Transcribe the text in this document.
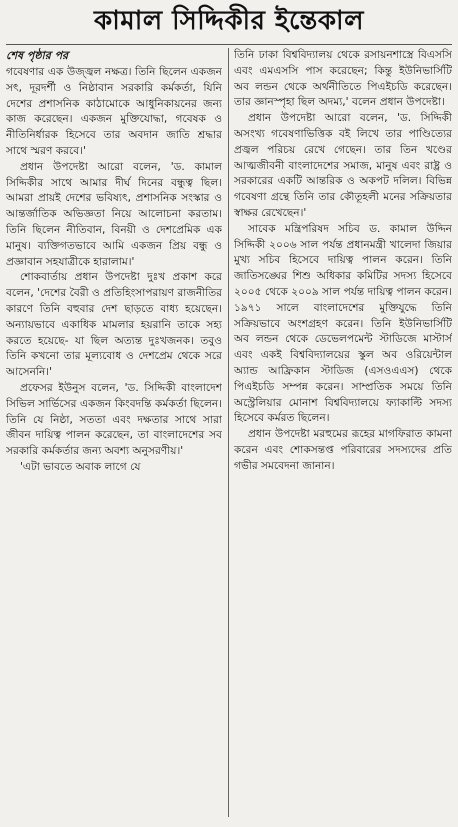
কামাল সিদ্দিকীর ইন্তেকাল
শেষ পৃষ্ঠার পর

গবেষণার এক উজ্জ্বল নক্ষত্র। তিনি ছিলেন একজন সৎ, দূরদর্শী ও নিষ্ঠাবান সরকারি কর্মকর্তা, যিনি দেশের প্রশাসনিক কাঠামোকে আধুনিকায়নের জন্য কাজ করেছেন। একজন মুক্তিযোদ্ধা, গবেষক ও নীতিনির্ধারক হিসেবে তার অবদান জাতি শ্রদ্ধার সাথে স্মরণ করবে।'

প্রধান উপদেষ্টা আরো বলেন, 'ড. কামাল সিদ্দিকীর সাথে আমার দীর্ঘ দিনের বন্ধুত্ব ছিল। আমরা প্রায়ই দেশের ভবিষ্যৎ, প্রশাসনিক সংস্কার ও আন্তর্জাতিক অভিজ্ঞতা নিয়ে আলোচনা করতাম। তিনি ছিলেন নীতিবান, বিনয়ী ও দেশপ্রেমিক এক মানুষ। ব্যক্তিগতভাবে আমি একজন প্রিয় বন্ধু ও প্রজ্ঞাবান সহযাত্রীকে হারালাম।'

শোকবার্তায় প্রধান উপদেষ্টা দুঃখ প্রকাশ করে বলেন, 'দেশের বৈরী ও প্রতিহিংসাপরায়ণ রাজনীতির কারণে তিনি বহুবার দেশ ছাড়তে বাধ্য হয়েছেন। অন্যায়ভাবে একাধিক মামলার হয়রানি তাকে সহ্য করতে হয়েছে- যা ছিল অত্যন্ত দুঃখজনক। তবুও তিনি কখনো তার মূল্যবোধ ও দেশপ্রেম থেকে সরে আসেননি।'

প্রফেসর ইউনুস বলেন, 'ড. সিদ্দিকী বাংলাদেশ সিভিল সার্ভিসের একজন কিংবদন্তি কর্মকর্তা ছিলেন। তিনি যে নিষ্ঠা, সততা এবং দক্ষতার সাথে সারা জীবন দায়িত্ব পালন করেছেন, তা বাংলাদেশের সব সরকারি কর্মকর্তার জন্য অবশ্য অনুসরণীয়।'

'এটা ভাবতে অবাক লাগে যে

তিনি ঢাকা বিশ্ববিদ্যালয় থেকে রসায়নশাস্ত্রে বিএসসি এবং এমএসসি পাস করেছেন; কিন্তু ইউনিভার্সিটি অব লন্ডন থেকে অর্থনীতিতে পিএইচডি করেছেন। তার জ্ঞানস্পৃহা ছিল অদম্য,' বলেন প্রধান উপদেষ্টা।

প্রধান উপদেষ্টা আরো বলেন, 'ড. সিদ্দিকী অসংখ্য গবেষণাভিত্তিক বই লিখে তার পাণ্ডিত্যের প্রজ্বল পরিচয় রেখে গেছেন। তার তিন খণ্ডের আত্মজীবনী বাংলাদেশের সমাজ, মানুষ এবং রাষ্ট্র ও সরকারের একটি আন্তরিক ও অকপট দলিল। বিভিন্ন গবেষণা গ্রন্থে তিনি তার কৌতূহলী মনের সক্রিয়তার স্বাক্ষর রেখেছেন।'

সাবেক মন্ত্রিপরিষদ সচিব ড. কামাল উদ্দিন সিদ্দিকী ২০০৬ সাল পর্যন্ত প্রধানমন্ত্রী খালেদা জিয়ার মুখ্য সচিব হিসেবে দায়িত্ব পালন করেন। তিনি জাতিসঙ্ঘের শিশু অধিকার কমিটির সদস্য হিসেবে ২০০৫ থেকে ২০০৯ সাল পর্যন্ত দায়িত্ব পালন করেন। ১৯৭১ সালে বাংলাদেশের মুক্তিযুদ্ধে তিনি সক্রিয়ভাবে অংশগ্রহণ করেন। তিনি ইউনিভার্সিটি অব লন্ডন থেকে ডেভেলপমেন্ট স্টাডিজে মাস্টার্স এবং একই বিশ্ববিদ্যালয়ের স্কুল অব ওরিয়েন্টাল অ্যান্ড আফ্রিকান স্টাডিজ (এসওএএস) থেকে পিএইচডি সম্পন্ন করেন। সাম্প্রতিক সময়ে তিনি অস্ট্রেলিয়ার মোনাশ বিশ্ববিদ্যালয়ে ফ্যাকাল্টি সদস্য হিসেবে কর্মরত ছিলেন।

প্রধান উপদেষ্টা মরহুমের রূহের মাগফিরাত কামনা করেন এবং শোকসন্তপ্ত পরিবারের সদস্যদের প্রতি গভীর সমবেদনা জানান।
